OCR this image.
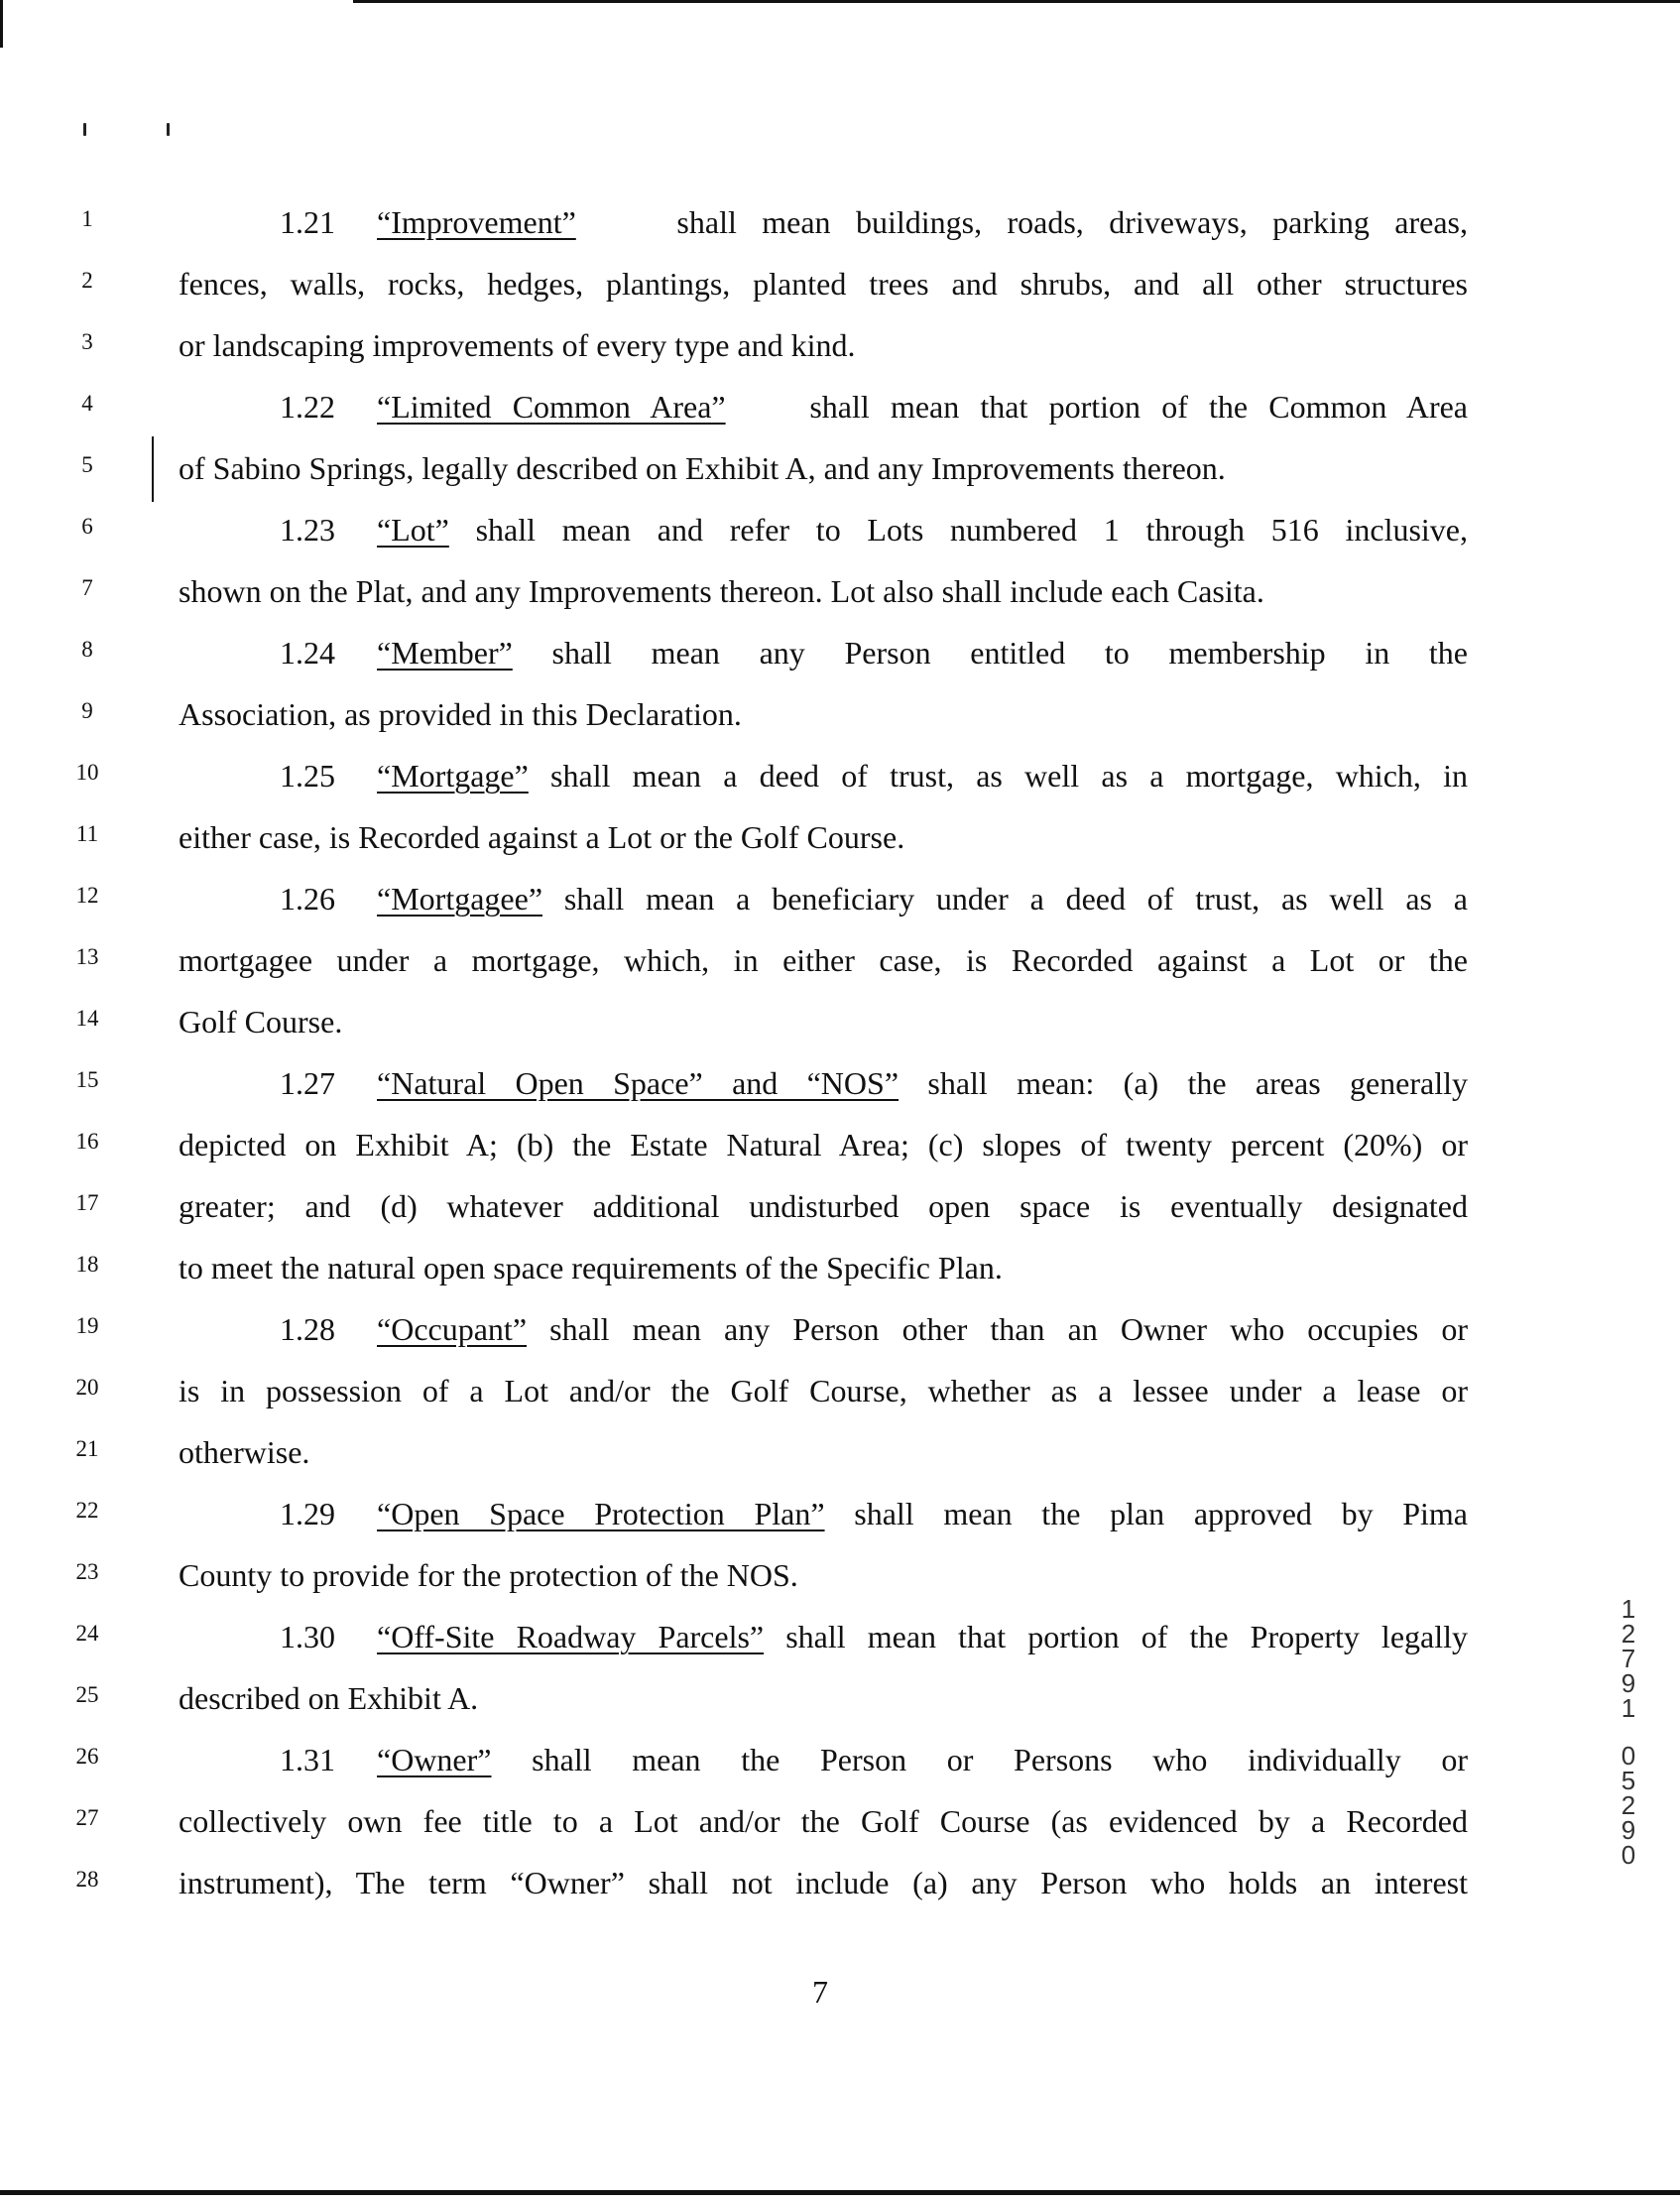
1
2
3
4
5
6
7
8
9
10
11
12
13
14
15
16
17
18
19
20
21
22
23
24
25
26
27
28
1.21 “Improvement”	shall mean buildings, roads, driveways, parking areas,
fences, walls, rocks, hedges, plantings, planted trees and shrubs, and all other structures
or landscaping improvements of every type and kind.
1.22 “Limited Common Area”	shall mean that portion of the Common Area
of Sabino Springs, legally described on Exhibit A, and any Improvements thereon.
1.23 “Lot” shall mean and refer to Lots numbered 1 through 516 inclusive,
shown on the Plat, and any Improvements thereon. Lot also shall include each Casita.
1.24 “Member” shall mean any Person entitled to membership in the
Association, as provided in this Declaration.
1.25 “Mortgage” shall mean a deed of trust, as well as a mortgage, which, in
either case, is Recorded against a Lot or the Golf Course.
1.26 “Mortgagee” shall mean a beneficiary under a deed of trust, as well as a
mortgagee under a mortgage, which, in either case, is Recorded against a Lot or the
Golf Course.
1.27 “Natural Open Space” and “NOS” shall mean: (a) the areas generally
depicted on Exhibit A; (b) the Estate Natural Area; (c) slopes of twenty percent (20%) or
greater; and (d) whatever additional undisturbed open space is eventually designated
to meet the natural open space requirements of the Specific Plan.
1.28 “Occupant” shall mean any Person other than an Owner who occupies or
is in possession of a Lot and/or the Golf Course, whether as a lessee under a lease or
otherwise.
1.29 “Open Space Protection Plan” shall mean the plan approved by Pima
County to provide for the protection of the NOS.
1.30 “Off-Site Roadway Parcels” shall mean that portion of the Property legally
described on Exhibit A.
1.31 “Owner” shall mean the Person or Persons who individually or
collectively own fee title to a Lot and/or the Golf Course (as evidenced by a Recorded
instrument), The term “Owner” shall not include (a) any Person who holds an interest
1
2
7
9
1
0
5
2
9
0
7
